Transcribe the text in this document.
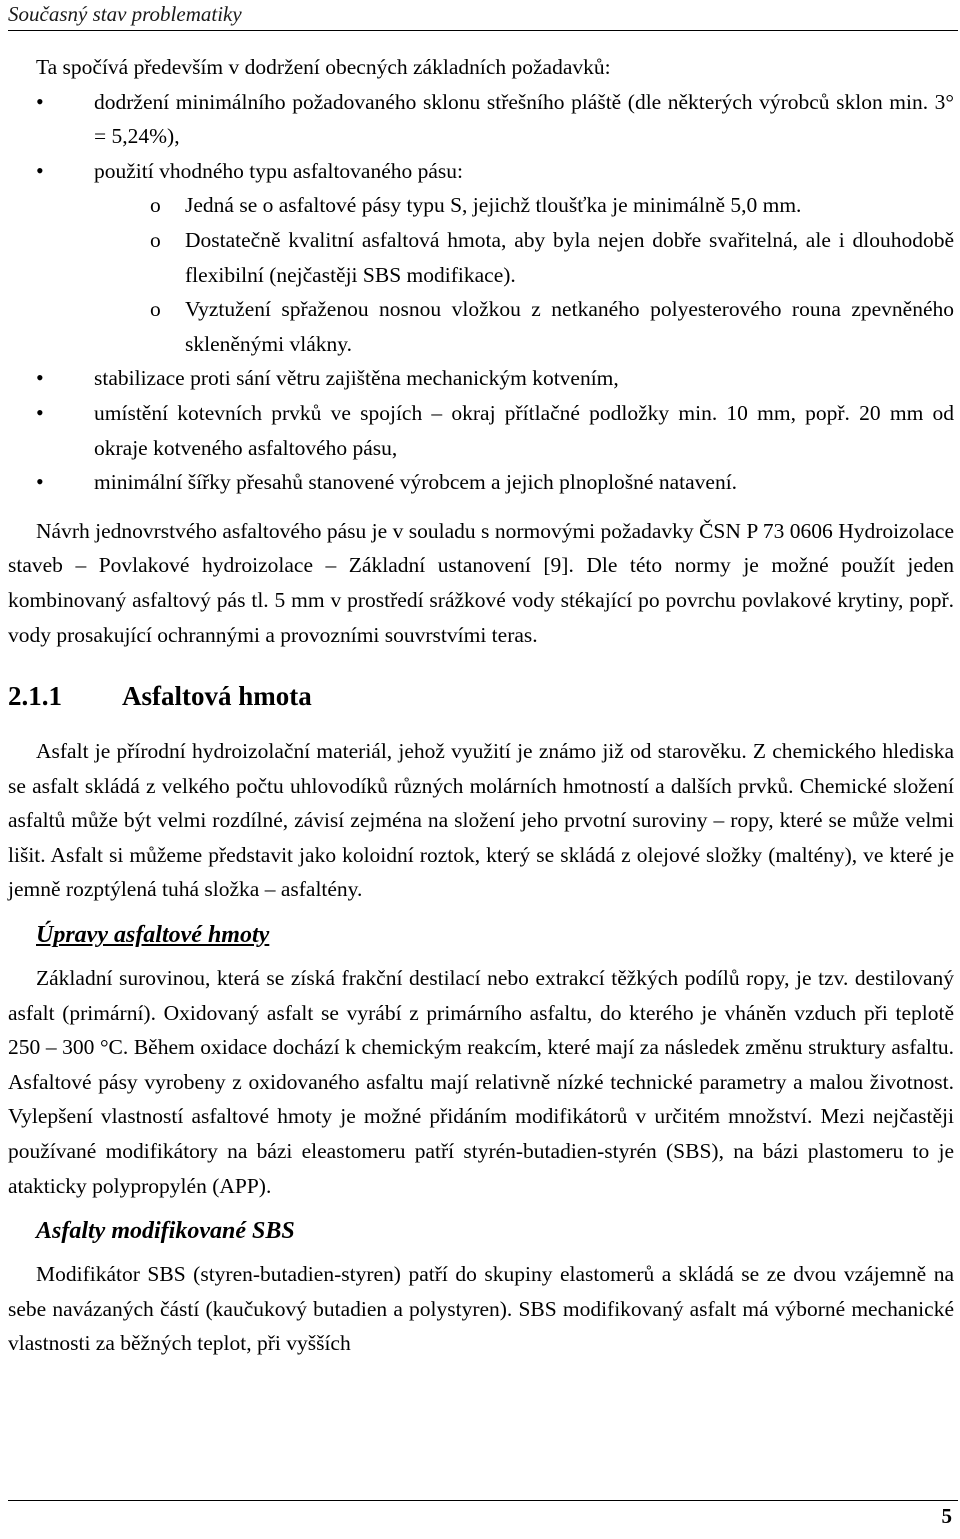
Současný stav problematiky

Ta spočívá především v dodržení obecných základních požadavků:

• dodržení minimálního požadovaného sklonu střešního pláště (dle některých výrobců sklon min. 3° = 5,24%),
• použití vhodného typu asfaltovaného pásu:
o Jedná se o asfaltové pásy typu S, jejichž tloušťka je minimálně 5,0 mm.
o Dostatečně kvalitní asfaltová hmota, aby byla nejen dobře svařitelná, ale i dlouhodobě flexibilní (nejčastěji SBS modifikace).
o Vyztužení spřaženou nosnou vložkou z netkaného polyesterového rouna zpevněného skleněnými vlákny.
• stabilizace proti sání větru zajištěna mechanickým kotvením,
• umístění kotevních prvků ve spojích – okraj přítlačné podložky min. 10 mm, popř. 20 mm od okraje kotveného asfaltového pásu,
• minimální šířky přesahů stanovené výrobcem a jejich plnoplošné natavení.

Návrh jednovrstvého asfaltového pásu je v souladu s normovými požadavky ČSN P 73 0606 Hydroizolace staveb – Povlakové hydroizolace – Základní ustanovení [9]. Dle této normy je možné použít jeden kombinovaný asfaltový pás tl. 5 mm v prostředí srážkové vody stékající po povrchu povlakové krytiny, popř. vody prosakující ochrannými a provozními souvrstvími teras.

2.1.1 Asfaltová hmota

Asfalt je přírodní hydroizolační materiál, jehož využití je známo již od starověku. Z chemického hlediska se asfalt skládá z velkého počtu uhlovodíků různých molárních hmotností a dalších prvků. Chemické složení asfaltů může být velmi rozdílné, závisí zejména na složení jeho prvotní suroviny – ropy, které se může velmi lišit. Asfalt si můžeme představit jako koloidní roztok, který se skládá z olejové složky (maltény), ve které je jemně rozptýlená tuhá složka – asfaltény.

Úpravy asfaltové hmoty

Základní surovinou, která se získá frakční destilací nebo extrakcí těžkých podílů ropy, je tzv. destilovaný asfalt (primární). Oxidovaný asfalt se vyrábí z primárního asfaltu, do kterého je vháněn vzduch při teplotě 250 – 300 °C. Během oxidace dochází k chemickým reakcím, které mají za následek změnu struktury asfaltu. Asfaltové pásy vyrobeny z oxidovaného asfaltu mají relativně nízké technické parametry a malou životnost. Vylepšení vlastností asfaltové hmoty je možné přidáním modifikátorů v určitém množství. Mezi nejčastěji používané modifikátory na bázi eleastomeru patří styrén-butadien-styrén (SBS), na bázi plastomeru to je atakticky polypropylén (APP).

Asfalty modifikované SBS

Modifikátor SBS (styren-butadien-styren) patří do skupiny elastomerů a skládá se ze dvou vzájemně na sebe navázaných částí (kaučukový butadien a polystyren). SBS modifikovaný asfalt má výborné mechanické vlastnosti za běžných teplot, při vyšších

5
